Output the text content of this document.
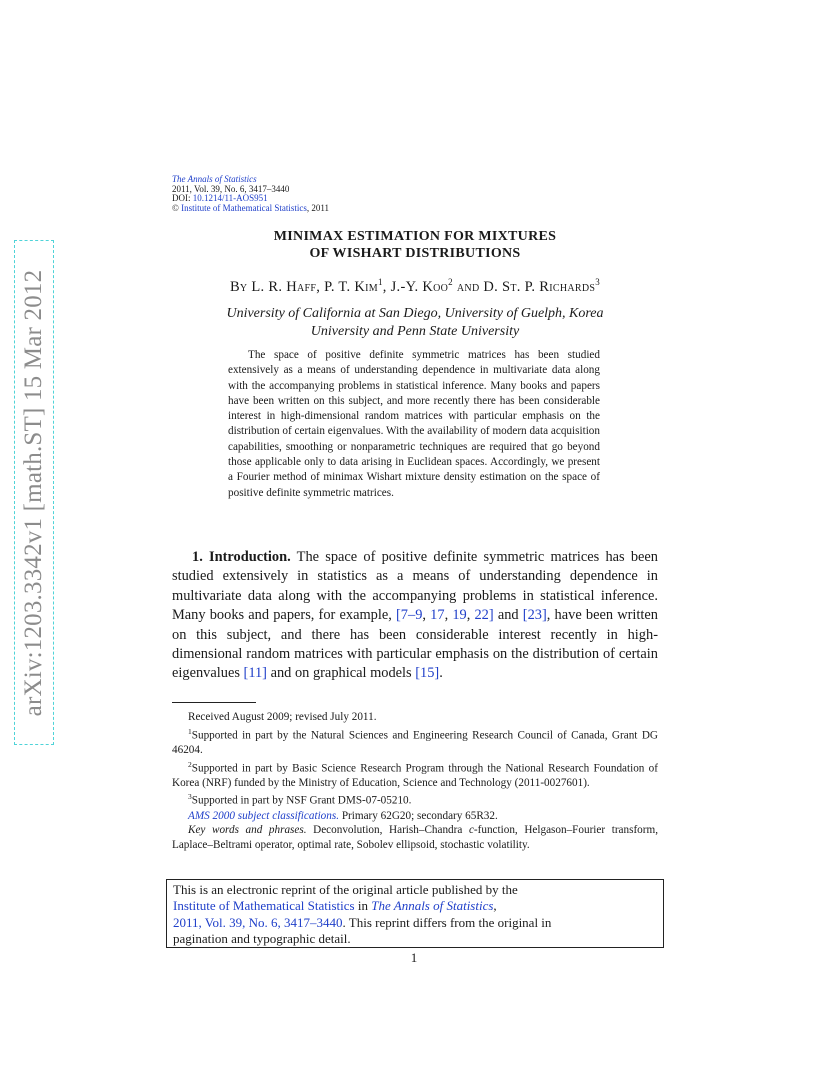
arXiv:1203.3342v1 [math.ST] 15 Mar 2012
The Annals of Statistics
2011, Vol. 39, No. 6, 3417–3440
DOI: 10.1214/11-AOS951
© Institute of Mathematical Statistics, 2011
MINIMAX ESTIMATION FOR MIXTURES
OF WISHART DISTRIBUTIONS
By L. R. Haff, P. T. Kim$^1$, J.-Y. Koo$^2$ and D. St. P. Richards$^3$
University of California at San Diego, University of Guelph, Korea
University and Penn State University
The space of positive definite symmetric matrices has been studied extensively as a means of understanding dependence in multivariate data along with the accompanying problems in statistical inference. Many books and papers have been written on this subject, and more recently there has been considerable interest in high-dimensional random matrices with particular emphasis on the distribution of certain eigenvalues. With the availability of modern data acquisition capabilities, smoothing or nonparametric techniques are required that go beyond those applicable only to data arising in Euclidean spaces. Accordingly, we present a Fourier method of minimax Wishart mixture density estimation on the space of positive definite symmetric matrices.
1. Introduction. The space of positive definite symmetric matrices has been studied extensively in statistics as a means of understanding dependence in multivariate data along with the accompanying problems in statistical inference. Many books and papers, for example, [7–9, 17, 19, 22] and [23], have been written on this subject, and there has been considerable interest recently in high-dimensional random matrices with particular emphasis on the distribution of certain eigenvalues [11] and on graphical models [15].

Received August 2009; revised July 2011.

$^1$Supported in part by the Natural Sciences and Engineering Research Council of Canada, Grant DG 46204.

$^2$Supported in part by Basic Science Research Program through the National Research Foundation of Korea (NRF) funded by the Ministry of Education, Science and Technology (2011-0027601).

$^3$Supported in part by NSF Grant DMS-07-05210.

AMS 2000 subject classifications. Primary 62G20; secondary 65R32.

Key words and phrases. Deconvolution, Harish–Chandra c-function, Helgason–Fourier transform, Laplace–Beltrami operator, optimal rate, Sobolev ellipsoid, stochastic volatility.

This is an electronic reprint of the original article published by the
Institute of Mathematical Statistics in The Annals of Statistics,
2011, Vol. 39, No. 6, 3417–3440. This reprint differs from the original in
pagination and typographic detail.
1
